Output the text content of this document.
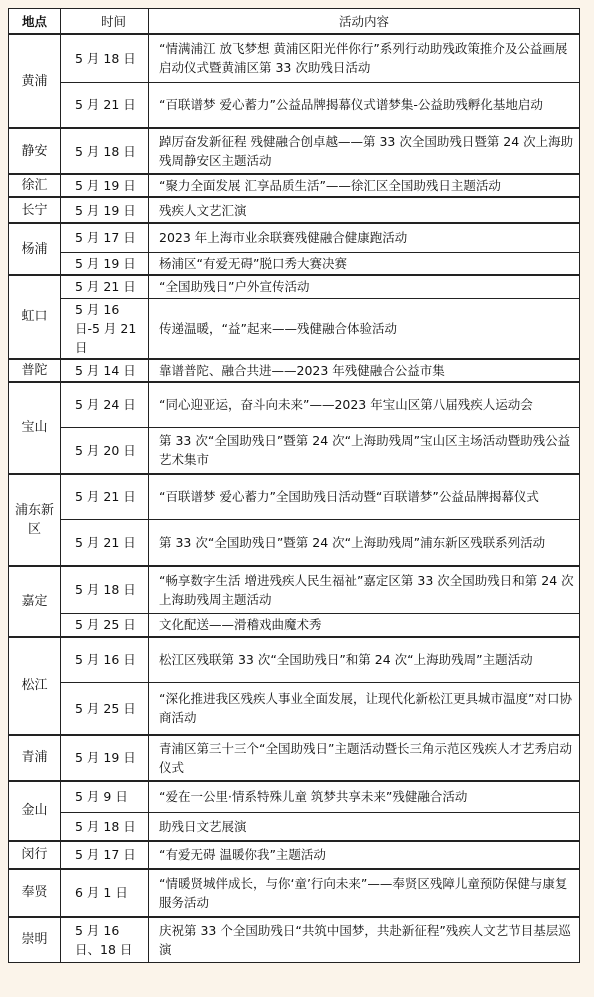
地点	时间	活动内容
黄浦	5 月 18 日	“情满浦江 放飞梦想 黄浦区阳光伴你行”系列行动助残政策推介及公益画展启动仪式暨黄浦区第 33 次助残日活动
	5 月 21 日	“百联谱梦 爱心蓄力”公益品牌揭幕仪式谱梦集-公益助残孵化基地启动
静安	5 月 18 日	踔厉奋发新征程 残健融合创卓越——第 33 次全国助残日暨第 24 次上海助残周静安区主题活动
徐汇	5 月 19 日	“聚力全面发展 汇享品质生活”——徐汇区全国助残日主题活动
长宁	5 月 19 日	残疾人文艺汇演
杨浦	5 月 17 日	2023 年上海市业余联赛残健融合健康跑活动
	5 月 19 日	杨浦区“有爱无碍”脱口秀大赛决赛
虹口	5 月 21 日	“全国助残日”户外宣传活动
	5 月 16 日-5 月 21 日	传递温暖，“益”起来——残健融合体验活动
普陀	5 月 14 日	靠谱普陀、融合共进——2023 年残健融合公益市集
宝山	5 月 24 日	“同心迎亚运，奋斗向未来”——2023 年宝山区第八届残疾人运动会
	5 月 20 日	第 33 次“全国助残日”暨第 24 次“上海助残周”宝山区主场活动暨助残公益艺术集市
浦东新区	5 月 21 日	“百联谱梦 爱心蓄力”全国助残日活动暨“百联谱梦”公益品牌揭幕仪式
	5 月 21 日	第 33 次“全国助残日”暨第 24 次“上海助残周”浦东新区残联系列活动
嘉定	5 月 18 日	“畅享数字生活 增进残疾人民生福祉”嘉定区第 33 次全国助残日和第 24 次上海助残周主题活动
	5 月 25 日	文化配送——滑稽戏曲魔术秀
松江	5 月 16 日	松江区残联第 33 次“全国助残日”和第 24 次“上海助残周”主题活动
	5 月 25 日	“深化推进我区残疾人事业全面发展，让现代化新松江更具城市温度”对口协商活动
青浦	5 月 19 日	青浦区第三十三个“全国助残日”主题活动暨长三角示范区残疾人才艺秀启动仪式
金山	5 月 9 日	“爱在一公里·情系特殊儿童 筑梦共享未来”残健融合活动
	5 月 18 日	助残日文艺展演
闵行	5 月 17 日	“有爱无碍 温暖你我”主题活动
奉贤	6 月 1 日	“情暖贤城伴成长，与你‘童’行向未来”——奉贤区残障儿童预防保健与康复服务活动
崇明	5 月 16 日、18 日	庆祝第 33 个全国助残日“共筑中国梦，共赴新征程”残疾人文艺节目基层巡演
